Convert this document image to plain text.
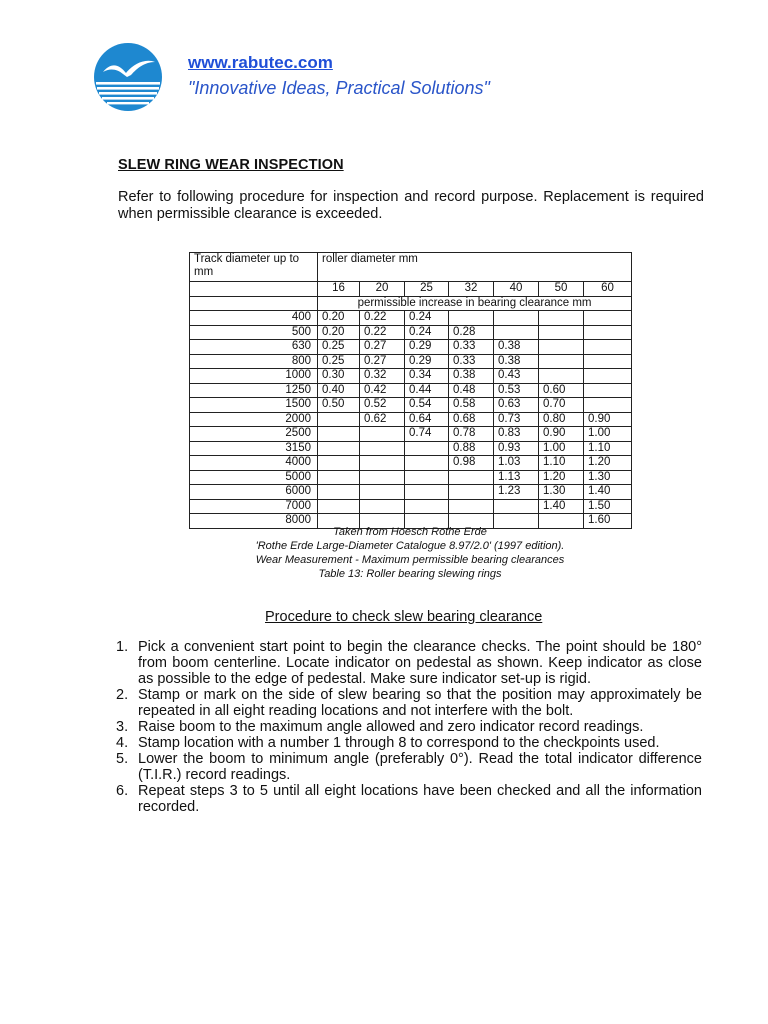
www.rabutec.com
"Innovative Ideas, Practical Solutions"
SLEW RING WEAR INSPECTION
Refer to following procedure for inspection and record purpose. Replacement is required when permissible clearance is exceeded.
Track diameter up to mm	roller diameter mm						
	16	20	25	32	40	50	60
	permissible increase in bearing clearance mm						
400	0.20	0.22	0.24				
500	0.20	0.22	0.24	0.28			
630	0.25	0.27	0.29	0.33	0.38		
800	0.25	0.27	0.29	0.33	0.38		
1000	0.30	0.32	0.34	0.38	0.43		
1250	0.40	0.42	0.44	0.48	0.53	0.60	
1500	0.50	0.52	0.54	0.58	0.63	0.70	
2000		0.62	0.64	0.68	0.73	0.80	0.90
2500			0.74	0.78	0.83	0.90	1.00
3150				0.88	0.93	1.00	1.10
4000				0.98	1.03	1.10	1.20
5000					1.13	1.20	1.30
6000					1.23	1.30	1.40
7000						1.40	1.50
8000							1.60
Taken from Hoesch Rothe Erde
'Rothe Erde Large-Diameter Catalogue 8.97/2.0' (1997 edition).
Wear Measurement - Maximum permissible bearing clearances
Table 13: Roller bearing slewing rings
Procedure to check slew bearing clearance
1. Pick a convenient start point to begin the clearance checks. The point should be 180° from boom centerline. Locate indicator on pedestal as shown. Keep indicator as close as possible to the edge of pedestal. Make sure indicator set-up is rigid.
2. Stamp or mark on the side of slew bearing so that the position may approximately be repeated in all eight reading locations and not interfere with the bolt.
3. Raise boom to the maximum angle allowed and zero indicator record readings.
4. Stamp location with a number 1 through 8 to correspond to the checkpoints used.
5. Lower the boom to minimum angle (preferably 0°). Read the total indicator difference (T.I.R.) record readings.
6. Repeat steps 3 to 5 until all eight locations have been checked and all the information recorded.
